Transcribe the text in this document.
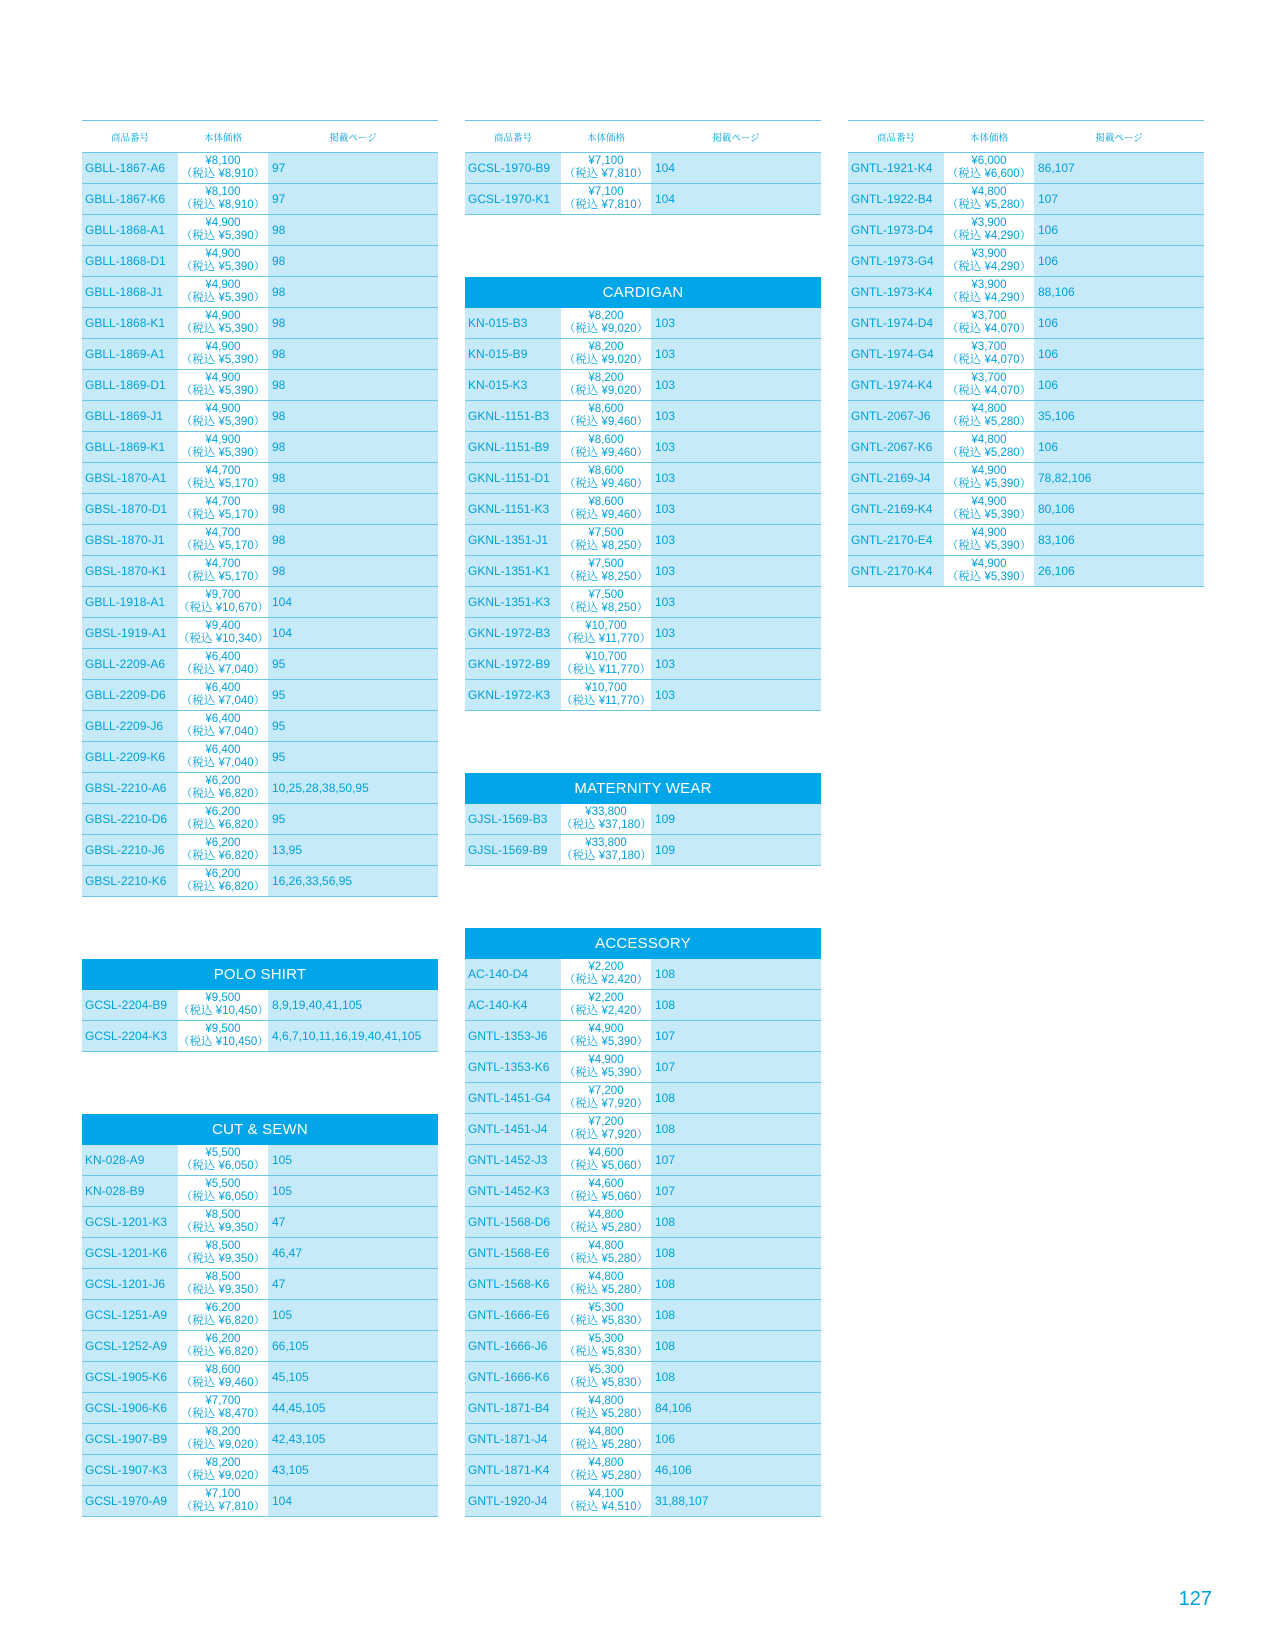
商品番号	本体価格	掲載ページ
GBLL-1867-A6	¥8,100
（税込 ¥8,910） 97
GBLL-1867-K6	¥8,100
（税込 ¥8,910） 97
GBLL-1868-A1	¥4,900
（税込 ¥5,390） 98
GBLL-1868-D1	¥4,900
（税込 ¥5,390） 98
GBLL-1868-J1	¥4,900
（税込 ¥5,390） 98
GBLL-1868-K1	¥4,900
（税込 ¥5,390） 98
GBLL-1869-A1	¥4,900
（税込 ¥5,390） 98
GBLL-1869-D1	¥4,900
（税込 ¥5,390） 98
GBLL-1869-J1	¥4,900
（税込 ¥5,390） 98
GBLL-1869-K1	¥4,900
（税込 ¥5,390） 98
GBSL-1870-A1	¥4,700
（税込 ¥5,170） 98
GBSL-1870-D1	¥4,700
（税込 ¥5,170） 98
GBSL-1870-J1	¥4,700
（税込 ¥5,170） 98
GBSL-1870-K1	¥4,700
（税込 ¥5,170） 98
GBLL-1918-A1	¥9,700
（税込 ¥10,670） 104
GBSL-1919-A1	¥9,400
（税込 ¥10,340） 104
GBLL-2209-A6	¥6,400
（税込 ¥7,040） 95
GBLL-2209-D6	¥6,400
（税込 ¥7,040） 95
GBLL-2209-J6	¥6,400
（税込 ¥7,040） 95
GBLL-2209-K6	¥6,400
（税込 ¥7,040） 95
GBSL-2210-A6	¥6,200
（税込 ¥6,820） 10,25,28,38,50,95
GBSL-2210-D6	¥6,200
（税込 ¥6,820） 95
GBSL-2210-J6	¥6,200
（税込 ¥6,820） 13,95
GBSL-2210-K6	¥6,200
（税込 ¥6,820） 16,26,33,56,95
POLO SHIRT
GCSL-2204-B9	¥9,500
（税込 ¥10,450） 8,9,19,40,41,105
GCSL-2204-K3	¥9,500
（税込 ¥10,450） 4,6,7,10,11,16,19,40,41,105
CUT & SEWN
KN-028-A9	¥5,500
（税込 ¥6,050） 105
KN-028-B9	¥5,500
（税込 ¥6,050） 105
GCSL-1201-K3	¥8,500
（税込 ¥9,350） 47
GCSL-1201-K6	¥8,500
（税込 ¥9,350） 46,47
GCSL-1201-J6	¥8,500
（税込 ¥9,350） 47
GCSL-1251-A9	¥6,200
（税込 ¥6,820） 105
GCSL-1252-A9	¥6,200
（税込 ¥6,820） 66,105
GCSL-1905-K6	¥8,600
（税込 ¥9,460） 45,105
GCSL-1906-K6	¥7,700
（税込 ¥8,470） 44,45,105
GCSL-1907-B9	¥8,200
（税込 ¥9,020） 42,43,105
GCSL-1907-K3	¥8,200
（税込 ¥9,020） 43,105
GCSL-1970-A9	¥7,100
（税込 ¥7,810） 104
商品番号	本体価格	掲載ページ
GCSL-1970-B9	¥7,100
（税込 ¥7,810） 104
GCSL-1970-K1	¥7,100
（税込 ¥7,810） 104
CARDIGAN
KN-015-B3	¥8,200
（税込 ¥9,020） 103
KN-015-B9	¥8,200
（税込 ¥9,020） 103
KN-015-K3	¥8,200
（税込 ¥9,020） 103
GKNL-1151-B3	¥8,600
（税込 ¥9,460） 103
GKNL-1151-B9	¥8,600
（税込 ¥9,460） 103
GKNL-1151-D1	¥8,600
（税込 ¥9,460） 103
GKNL-1151-K3	¥8,600
（税込 ¥9,460） 103
GKNL-1351-J1	¥7,500
（税込 ¥8,250） 103
GKNL-1351-K1	¥7,500
（税込 ¥8,250） 103
GKNL-1351-K3	¥7,500
（税込 ¥8,250） 103
GKNL-1972-B3	¥10,700
（税込 ¥11,770） 103
GKNL-1972-B9	¥10,700
（税込 ¥11,770） 103
GKNL-1972-K3	¥10,700
（税込 ¥11,770） 103
MATERNITY WEAR
GJSL-1569-B3	¥33,800
（税込 ¥37,180） 109
GJSL-1569-B9	¥33,800
（税込 ¥37,180） 109
ACCESSORY
AC-140-D4	¥2,200
（税込 ¥2,420） 108
AC-140-K4	¥2,200
（税込 ¥2,420） 108
GNTL-1353-J6	¥4,900
（税込 ¥5,390） 107
GNTL-1353-K6	¥4,900
（税込 ¥5,390） 107
GNTL-1451-G4	¥7,200
（税込 ¥7,920） 108
GNTL-1451-J4	¥7,200
（税込 ¥7,920） 108
GNTL-1452-J3	¥4,600
（税込 ¥5,060） 107
GNTL-1452-K3	¥4,600
（税込 ¥5,060） 107
GNTL-1568-D6	¥4,800
（税込 ¥5,280） 108
GNTL-1568-E6	¥4,800
（税込 ¥5,280） 108
GNTL-1568-K6	¥4,800
（税込 ¥5,280） 108
GNTL-1666-E6	¥5,300
（税込 ¥5,830） 108
GNTL-1666-J6	¥5,300
（税込 ¥5,830） 108
GNTL-1666-K6	¥5,300
（税込 ¥5,830） 108
GNTL-1871-B4	¥4,800
（税込 ¥5,280） 84,106
GNTL-1871-J4	¥4,800
（税込 ¥5,280） 106
GNTL-1871-K4	¥4,800
（税込 ¥5,280） 46,106
GNTL-1920-J4	¥4,100
（税込 ¥4,510） 31,88,107
商品番号	本体価格	掲載ページ
GNTL-1921-K4	¥6,000
（税込 ¥6,600） 86,107
GNTL-1922-B4	¥4,800
（税込 ¥5,280） 107
GNTL-1973-D4	¥3,900
（税込 ¥4,290） 106
GNTL-1973-G4	¥3,900
（税込 ¥4,290） 106
GNTL-1973-K4	¥3,900
（税込 ¥4,290） 88,106
GNTL-1974-D4	¥3,700
（税込 ¥4,070） 106
GNTL-1974-G4	¥3,700
（税込 ¥4,070） 106
GNTL-1974-K4	¥3,700
（税込 ¥4,070） 106
GNTL-2067-J6	¥4,800
（税込 ¥5,280） 35,106
GNTL-2067-K6	¥4,800
（税込 ¥5,280） 106
GNTL-2169-J4	¥4,900
（税込 ¥5,390） 78,82,106
GNTL-2169-K4	¥4,900
（税込 ¥5,390） 80,106
GNTL-2170-E4	¥4,900
（税込 ¥5,390） 83,106
GNTL-2170-K4	¥4,900
（税込 ¥5,390） 26,106
127
